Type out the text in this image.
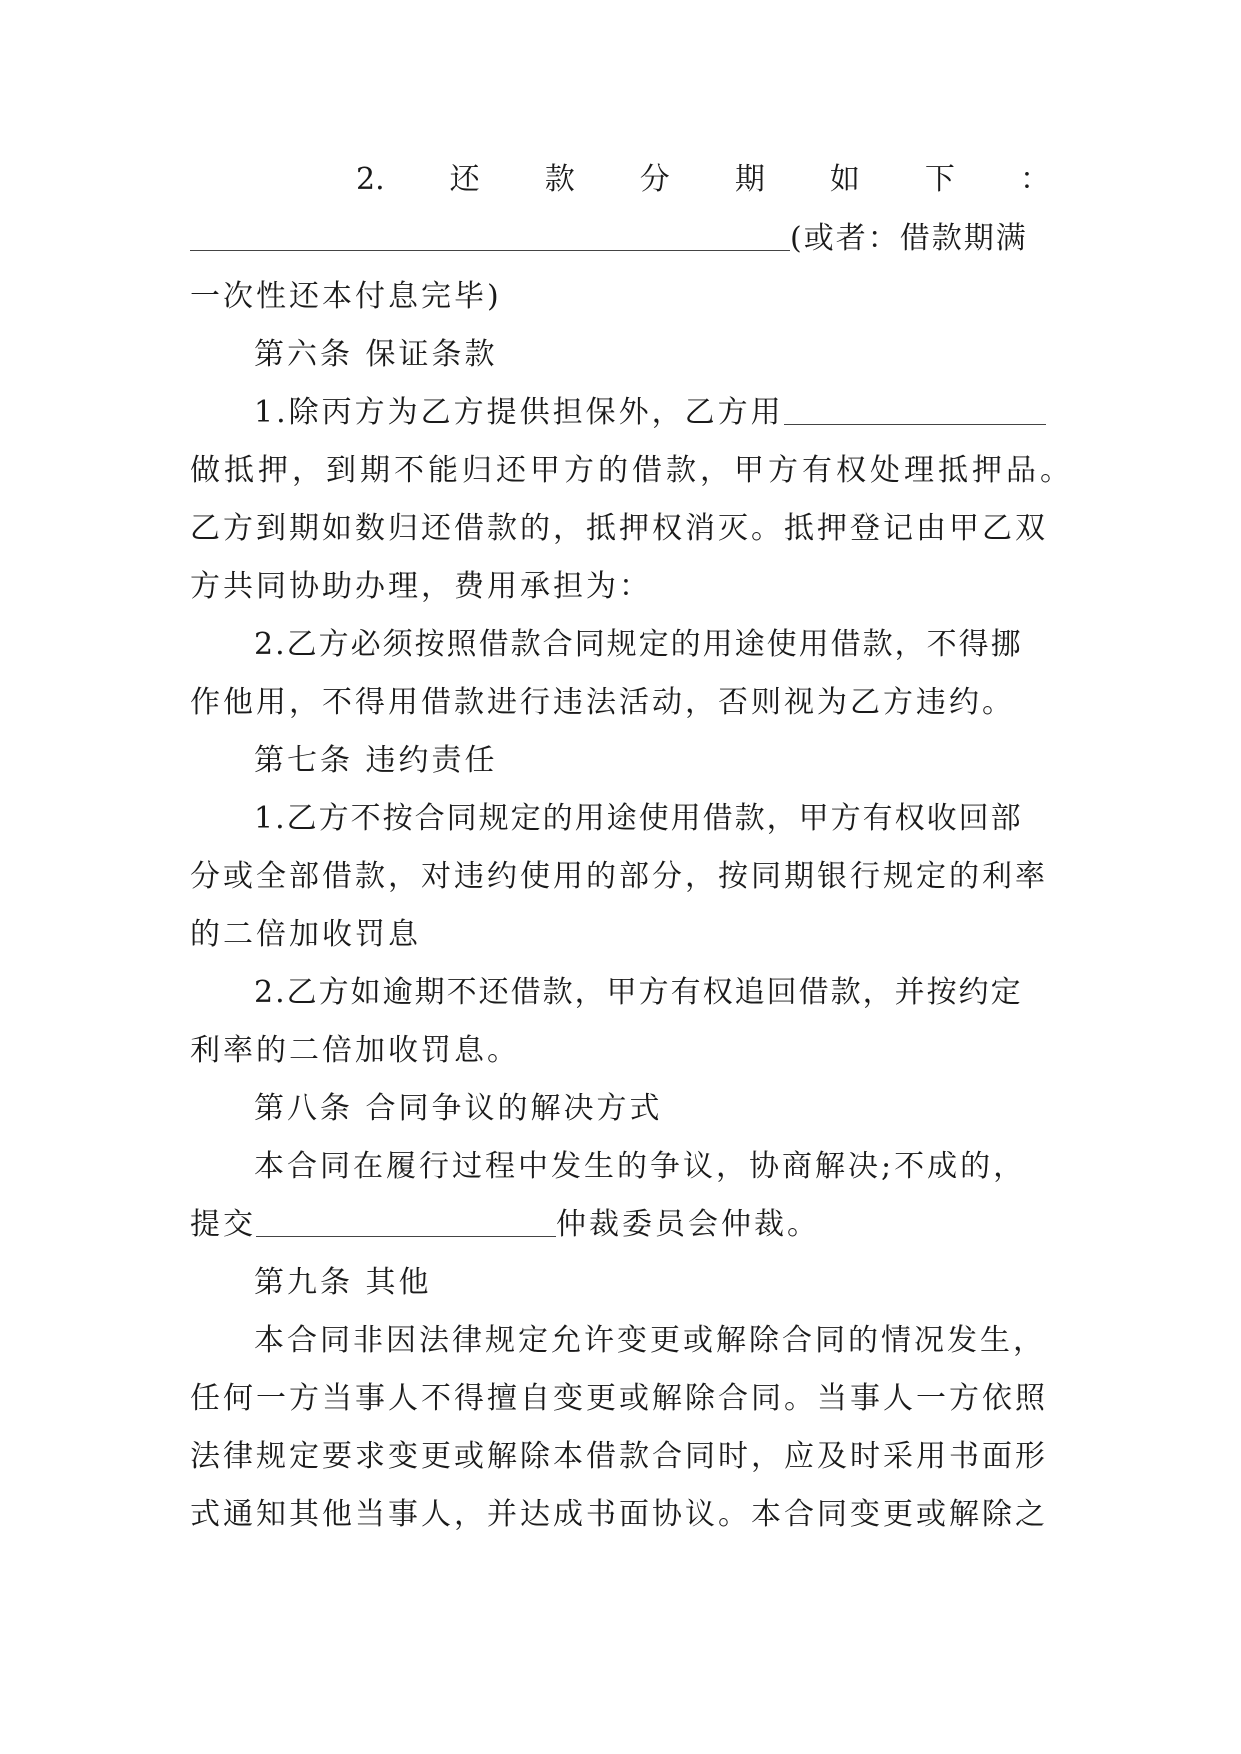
2. 还 款 分 期 如 下 ：
(或者：借款期满
一次性还本付息完毕)
第六条 保证条款
1.除丙方为乙方提供担保外，乙方用
做抵押，到期不能归还甲方的借款，甲方有权处理抵押品。
乙方到期如数归还借款的，抵押权消灭。抵押登记由甲乙双
方共同协助办理，费用承担为：
2.乙方必须按照借款合同规定的用途使用借款，不得挪
作他用，不得用借款进行违法活动，否则视为乙方违约。
第七条 违约责任
1.乙方不按合同规定的用途使用借款，甲方有权收回部
分或全部借款，对违约使用的部分，按同期银行规定的利率
的二倍加收罚息
2.乙方如逾期不还借款，甲方有权追回借款，并按约定
利率的二倍加收罚息。
第八条 合同争议的解决方式
本合同在履行过程中发生的争议，协商解决;不成的，
提交	仲裁委员会仲裁。
第九条 其他
本合同非因法律规定允许变更或解除合同的情况发生，
任何一方当事人不得擅自变更或解除合同。当事人一方依照
法律规定要求变更或解除本借款合同时，应及时采用书面形
式通知其他当事人，并达成书面协议。本合同变更或解除之
